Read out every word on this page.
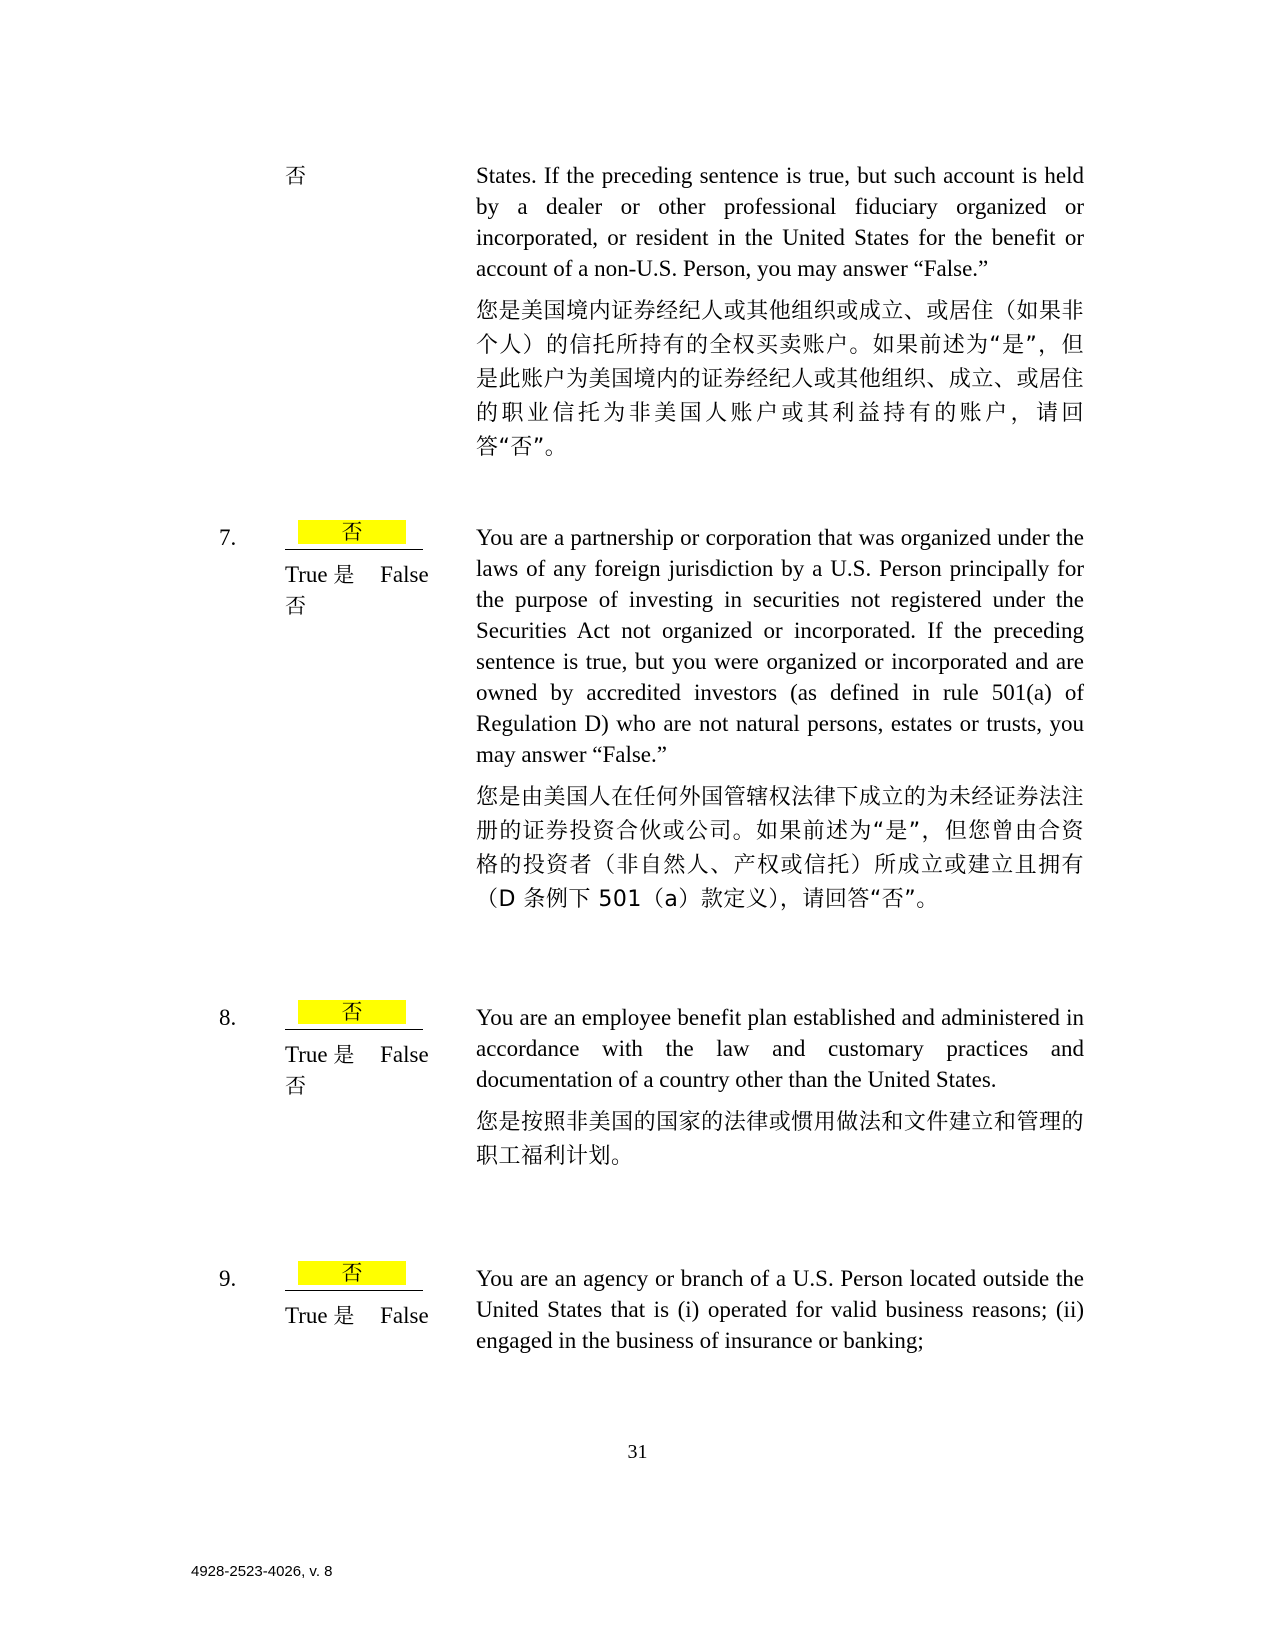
否	States. If the preceding sentence is true, but such account is held by a dealer or other professional fiduciary organized or incorporated, or resident in the United States for the benefit or account of a non-U.S. Person, you may answer “False.”

您是美国境内证券经纪人或其他组织或成立、或居住（如果非个人）的信托所持有的全权买卖账户。如果前述为“是”，但是此账户为美国境内的证券经纪人或其他组织、成立、或居住的职业信托为非美国人账户或其利益持有的账户，请回答“否”。

7.	否
True 是 False
否

You are a partnership or corporation that was organized under the laws of any foreign jurisdiction by a U.S. Person principally for the purpose of investing in securities not registered under the Securities Act not organized or incorporated. If the preceding sentence is true, but you were organized or incorporated and are owned by accredited investors (as defined in rule 501(a) of Regulation D) who are not natural persons, estates or trusts, you may answer “False.”

您是由美国人在任何外国管辖权法律下成立的为未经证券法注册的证券投资合伙或公司。如果前述为“是”，但您曾由合资格的投资者（非自然人、产权或信托）所成立或建立且拥有（D 条例下 501（a）款定义），请回答“否”。

8.	否
True 是 False
否

You are an employee benefit plan established and administered in accordance with the law and customary practices and documentation of a country other than the United States.

您是按照非美国的国家的法律或惯用做法和文件建立和管理的职工福利计划。

9.	否
True 是 False

You are an agency or branch of a U.S. Person located outside the United States that is (i) operated for valid business reasons; (ii) engaged in the business of insurance or banking;

31
4928-2523-4026, v. 8
